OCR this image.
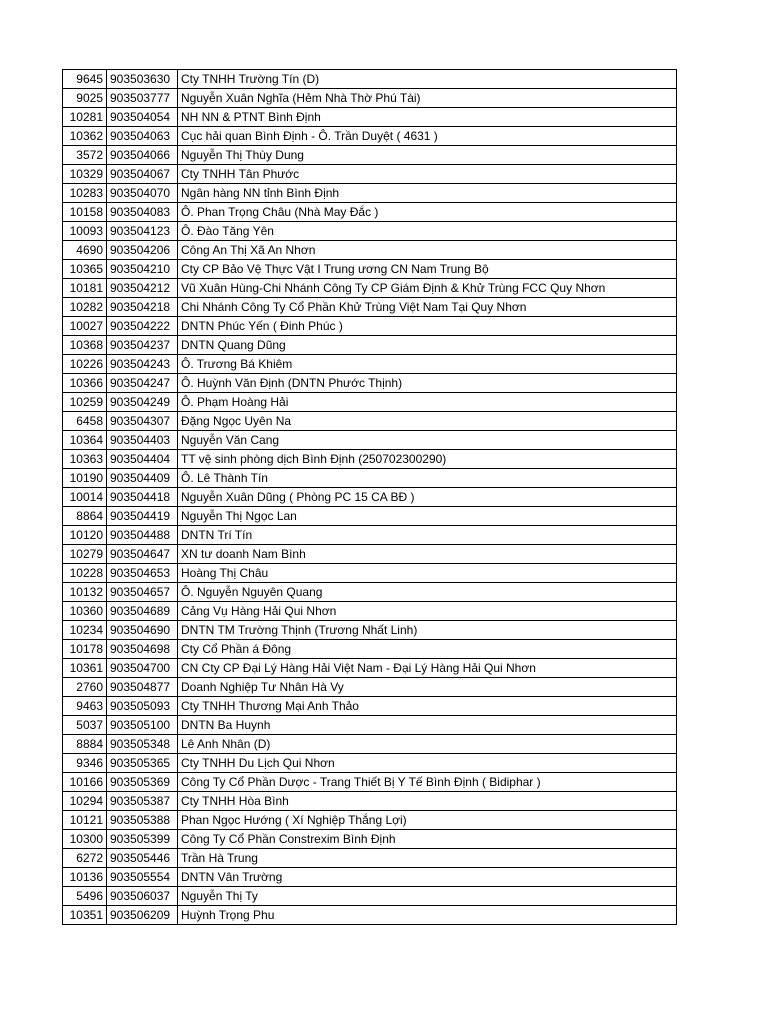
9645	903503630	Cty TNHH Trường Tín (D)
9025	903503777	Nguyễn Xuân Nghĩa (Hẻm Nhà Thờ Phú Tài)
10281	903504054	NH NN & PTNT Bình Định
10362	903504063	Cục hải quan Bình Định - Ô. Trần Duyệt ( 4631 )
3572	903504066	Nguyễn Thị Thùy Dung
10329	903504067	Cty TNHH Tân Phước
10283	903504070	Ngân hàng NN tỉnh Bình Định
10158	903504083	Ô. Phan Trọng Châu (Nhà May Đắc )
10093	903504123	Ô. Đào Tăng Yên
4690	903504206	Công An Thị Xã An Nhơn
10365	903504210	Cty CP Bảo Vệ Thực Vật I Trung ương CN Nam Trung Bộ
10181	903504212	Vũ Xuân Hùng-Chi Nhánh Công Ty CP Giám Định & Khử Trùng FCC Quy Nhơn
10282	903504218	Chi Nhánh Công Ty Cổ Phần Khử Trùng Việt Nam Tại Quy Nhơn
10027	903504222	DNTN Phúc Yến ( Đinh Phúc )
10368	903504237	DNTN Quang Dũng
10226	903504243	Ô. Trương Bá Khiêm
10366	903504247	Ô. Huỳnh Văn Định (DNTN Phước Thịnh)
10259	903504249	Ô. Phạm Hoàng Hải
6458	903504307	Đặng Ngọc Uyên Na
10364	903504403	Nguyễn Văn Cang
10363	903504404	TT vệ sinh phòng dịch Bình Định (250702300290)
10190	903504409	Ô. Lê Thành Tín
10014	903504418	Nguyễn Xuân Dũng ( Phòng PC 15 CA BĐ )
8864	903504419	Nguyễn Thị Ngọc Lan
10120	903504488	DNTN Trí Tín
10279	903504647	XN tư doanh Nam Bình
10228	903504653	Hoàng Thị Châu
10132	903504657	Ô. Nguyễn Nguyên Quang
10360	903504689	Cảng Vụ Hàng Hải Qui Nhơn
10234	903504690	DNTN TM Trường Thịnh (Trương Nhất Linh)
10178	903504698	Cty Cổ Phần á Đông
10361	903504700	CN Cty CP Đại Lý Hàng Hải Việt Nam - Đại Lý Hàng Hải Qui Nhơn
2760	903504877	Doanh Nghiệp Tư Nhân Hà Vy
9463	903505093	Cty TNHH Thương Mại Anh Thảo
5037	903505100	DNTN Ba Huynh
8884	903505348	Lê Anh Nhân (D)
9346	903505365	Cty TNHH Du Lịch Qui Nhơn
10166	903505369	Công Ty Cổ Phần Dược - Trang Thiết Bị Y Tế Bình Định ( Bidiphar )
10294	903505387	Cty TNHH Hòa Bình
10121	903505388	Phan Ngọc Hướng ( Xí Nghiệp Thắng Lợi)
10300	903505399	Công Ty Cổ Phần Constrexim Bình Định
6272	903505446	Trần Hà Trung
10136	903505554	DNTN Vân Trường
5496	903506037	Nguyễn Thị Ty
10351	903506209	Huỳnh Trọng Phu
